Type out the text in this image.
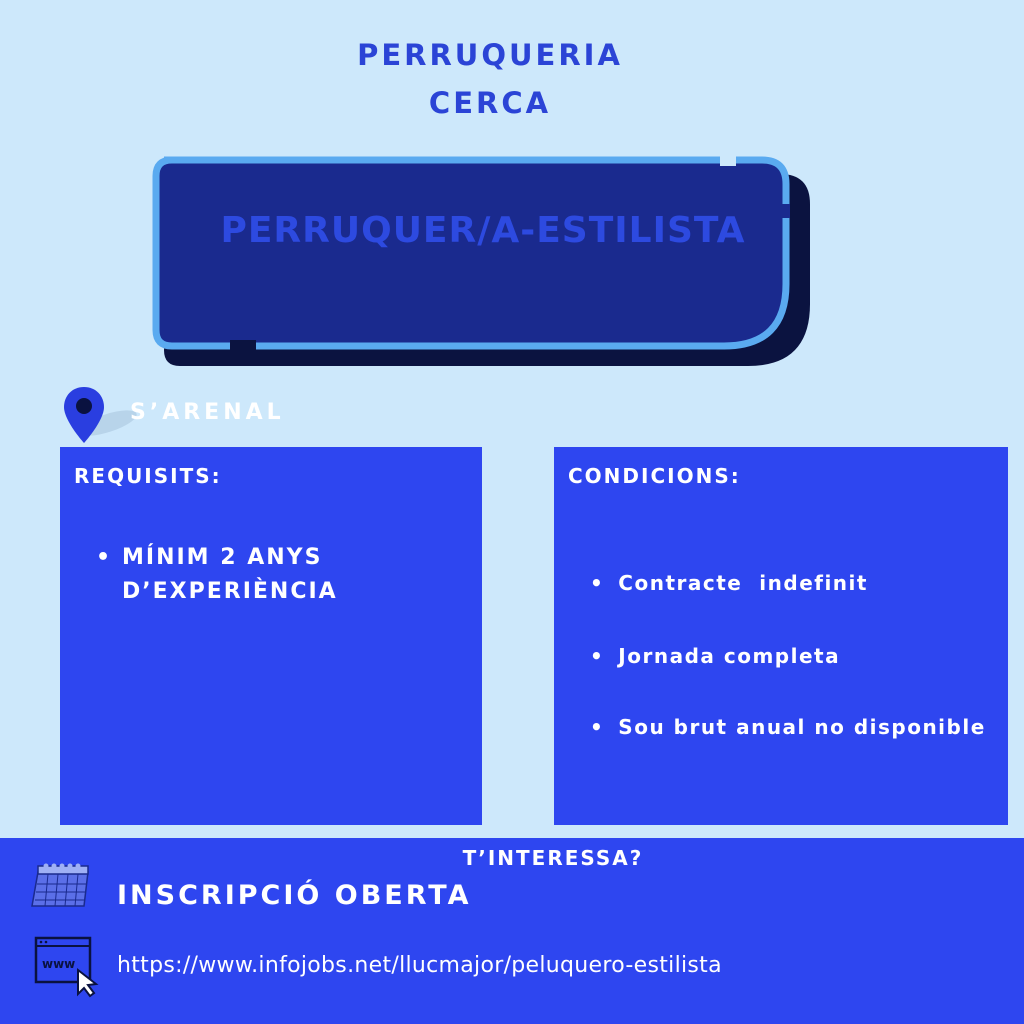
PERRUQUERIA
CERCA
PERRUQUER/A-ESTILISTA
S’ARENAL
REQUISITS:
• MÍNIM 2 ANYS D’EXPERIÈNCIA
CONDICIONS:
• Contracte  indefinit
• Jornada completa
• Sou brut anual no disponible
T’INTERESSA?
INSCRIPCIÓ OBERTA
www https://www.infojobs.net/llucmajor/peluquero-estilista
